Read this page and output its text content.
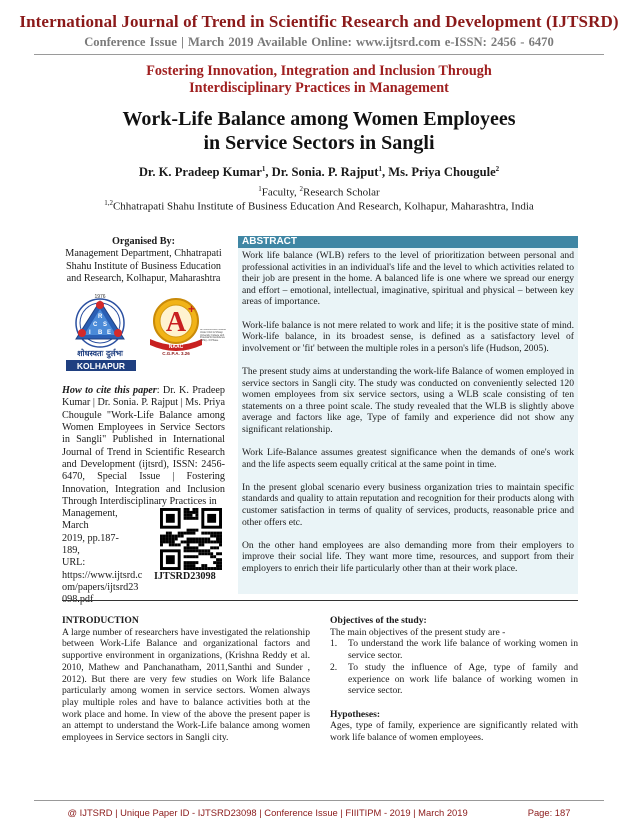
International Journal of Trend in Scientific Research and Development (IJTSRD)
Conference Issue | March 2019 Available Online: www.ijtsrd.com e-ISSN: 2456 - 6470
Fostering Innovation, Integration and Inclusion Through
Interdisciplinary Practices in Management
Work-Life Balance among Women Employees
in Service Sectors in Sangli
Dr. K. Pradeep Kumar$^1$, Dr. Sonia. P. Rajput$^1$, Ms. Priya Chougule$^2$
$^1$Faculty, $^2$Research Scholar
$^{1,2}$Chhatrapati Shahu Institute of Business Education And Research, Kolhapur, Maharashtra, India
Organised By:
Management Department, Chhatrapati
Shahu Institute of Business Education
and Research, Kolhapur, Maharashtra
1976
C S
I B E
R
शोधस्वतः दुर्लभः
KOLHAPUR
A +
NAAC
C.G.P.A. 3.26
An Autonomous Institute Under UGC & Shivaji University College with Potential for Excellence (CPE) - III Phase.
How to cite this paper: Dr. K. Pradeep Kumar | Dr. Sonia. P. Rajput | Ms. Priya Chougule "Work-Life Balance among Women Employees in Service Sectors in Sangli" Published in International Journal of Trend in Scientific Research and Development (ijtsrd), ISSN: 2456-6470, Special Issue | Fostering Innovation, Integration and Inclusion Through Interdisciplinary Practices in
Management, March
2019, pp.187-189,
URL:
https://www.ijtsrd.c
om/papers/ijtsrd23
098.pdf
IJTSRD23098
ABSTRACT

Work life balance (WLB) refers to the level of prioritization between personal and professional activities in an individual's life and the level to which activities related to their job are present in the home. A balanced life is one where we spread our energy and effort – emotional, intellectual, imaginative, spiritual and physical – between key areas of importance.

Work-life balance is not mere related to work and life; it is the positive state of mind. Work-life balance, in its broadest sense, is defined as a satisfactory level of involvement or 'fit' between the multiple roles in a person's life (Hudson, 2005).

The present study aims at understanding the work-life Balance of women employed in service sectors in Sangli city. The study was conducted on conveniently selected 120 women employees from six service sectors, using a WLB scale consisting of ten statements on a three point scale. The study revealed that the WLB is slightly above average and factors like age, Type of family and experience did not show any significant relationship.

Work Life-Balance assumes greatest significance when the demands of one's work and the life aspects seem equally critical at the same point in time.

In the present global scenario every business organization tries to maintain specific standards and quality to attain reputation and recognition for their products along with customer satisfaction in terms of quality of services, products, reasonable price and other offers etc.

On the other hand employees are also demanding more from their employers to improve their social life. They want more time, resources, and support from their employers to enrich their life particularly other than at their work place.

INTRODUCTION

A large number of researchers have investigated the relationship between Work-Life Balance and organizational factors and supportive environment in organizations, (Krishna Reddy et al. 2010, Mathew and Panchanatham, 2011,Santhi and Sunder , 2012). But there are very few studies on Work life Balance particularly among women in service sectors. Women always play multiple roles and have to balance activities both at the work place and home. In view of the above the present paper is an attempt to understand the Work-Life balance among women employees in Service sectors in Sangli city.

Objectives of the study:

The main objectives of the present study are -

1. To understand the work life balance of working women in service sector.
2. To study the influence of Age, type of family and experience on work life balance of working women in service sector.
Hypotheses:

Ages, type of family, experience are significantly related with work life balance of women employees.

@ IJTSRD | Unique Paper ID - IJTSRD23098 | Conference Issue | FIIITIPM - 2019 | March 2019	Page: 187
